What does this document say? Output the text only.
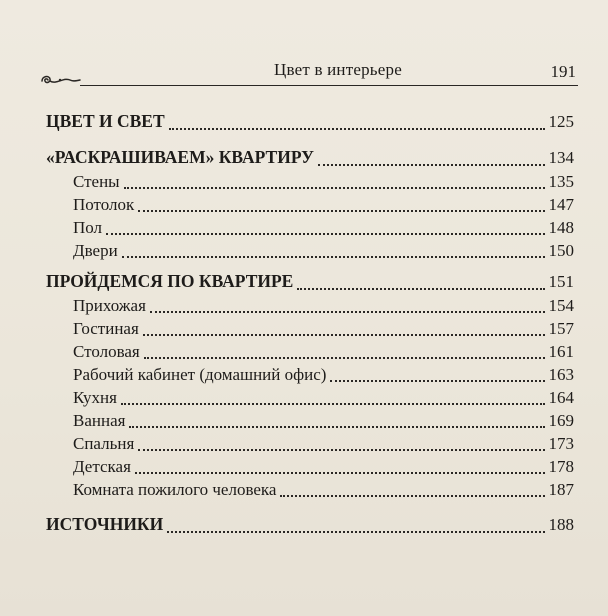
Цвет в интерьере	191
ЦВЕТ И СВЕТ	125
«РАСКРАШИВАЕМ» КВАРТИРУ	134
Стены	135
Потолок	147
Пол	148
Двери	150
ПРОЙДЕМСЯ ПО КВАРТИРЕ	151
Прихожая	154
Гостиная	157
Столовая	161
Рабочий кабинет (домашний офис)	163
Кухня	164
Ванная	169
Спальня	173
Детская	178
Комната пожилого человека	187
ИСТОЧНИКИ	188
